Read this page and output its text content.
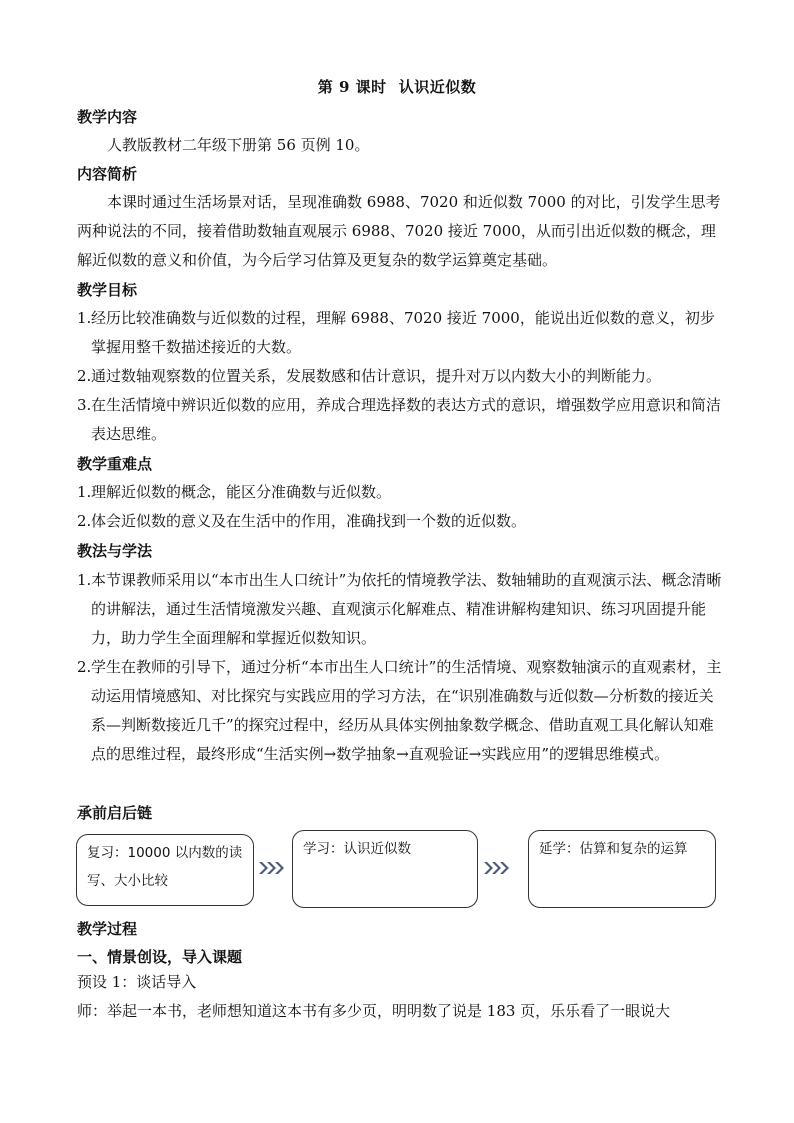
第 9 课时 认识近似数
教学内容
人教版教材二年级下册第 56 页例 10。
内容简析
本课时通过生活场景对话，呈现准确数 6988、7020 和近似数 7000 的对比，引发学生思考两种说法的不同，接着借助数轴直观展示 6988、7020 接近 7000，从而引出近似数的概念，理解近似数的意义和价值，为今后学习估算及更复杂的数学运算奠定基础。
教学目标
1. 经历比较准确数与近似数的过程，理解 6988、7020 接近 7000，能说出近似数的意义，初步掌握用整千数描述接近的大数。
2. 通过数轴观察数的位置关系，发展数感和估计意识，提升对万以内数大小的判断能力。
3. 在生活情境中辨识近似数的应用，养成合理选择数的表达方式的意识，增强数学应用意识和简洁表达思维。
教学重难点
1. 理解近似数的概念，能区分准确数与近似数。
2. 体会近似数的意义及在生活中的作用，准确找到一个数的近似数。
教法与学法
1. 本节课教师采用以“本市出生人口统计”为依托的情境教学法、数轴辅助的直观演示法、概念清晰的讲解法，通过生活情境激发兴趣、直观演示化解难点、精准讲解构建知识、练习巩固提升能力，助力学生全面理解和掌握近似数知识。
2. 学生在教师的引导下，通过分析“本市出生人口统计”的生活情境、观察数轴演示的直观素材，主动运用情境感知、对比探究与实践应用的学习方法，在“识别准确数与近似数—分析数的接近关系—判断数接近几千”的探究过程中，经历从具体实例抽象数学概念、借助直观工具化解认知难点的思维过程，最终形成“生活实例→数学抽象→直观验证→实践应用”的逻辑思维模式。
承前启后链
复习：10000 以内数的读写、大小比较
学习：认识近似数	延学：估算和复杂的运算
教学过程
一、情景创设，导入课题
预设 1：谈话导入
师：举起一本书，老师想知道这本书有多少页，明明数了说是 183 页，乐乐看了一眼说大
